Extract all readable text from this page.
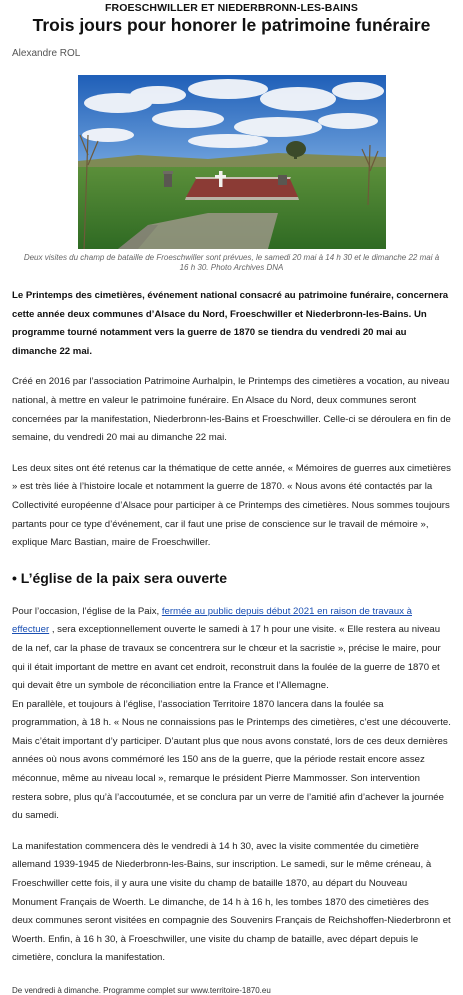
FROESCHWILLER ET NIEDERBRONN-LES-BAINS
Trois jours pour honorer le patrimoine funéraire
Alexandre ROL
Deux visites du champ de bataille de Froeschwiller sont prévues, le samedi 20 mai à 14 h 30 et le dimanche 22 mai à 16 h 30. Photo Archives DNA
Le Printemps des cimetières, événement national consacré au patrimoine funéraire, concernera cette année deux communes d’Alsace du Nord, Froeschwiller et Niederbronn-les-Bains. Un programme tourné notamment vers la guerre de 1870 se tiendra du vendredi 20 mai au dimanche 22 mai.

Créé en 2016 par l’association Patrimoine Aurhalpin, le Printemps des cimetières a vocation, au niveau national, à mettre en valeur le patrimoine funéraire. En Alsace du Nord, deux communes seront concernées par la manifestation, Niederbronn-les-Bains et Froeschwiller. Celle-ci se déroulera en fin de semaine, du vendredi 20 mai au dimanche 22 mai.

Les deux sites ont été retenus car la thématique de cette année, « Mémoires de guerres aux cimetières » est très liée à l’histoire locale et notamment la guerre de 1870. « Nous avons été contactés par la Collectivité européenne d’Alsace pour participer à ce Printemps des cimetières. Nous sommes toujours partants pour ce type d’événement, car il faut une prise de conscience sur le travail de mémoire », explique Marc Bastian, maire de Froeschwiller.

• L’église de la paix sera ouverte

Pour l’occasion, l’église de la Paix, fermée au public depuis début 2021 en raison de travaux à effectuer , sera exceptionnellement ouverte le samedi à 17 h pour une visite. « Elle restera au niveau de la nef, car la phase de travaux se concentrera sur le chœur et la sacristie », précise le maire, pour qui il était important de mettre en avant cet endroit, reconstruit dans la foulée de la guerre de 1870 et qui devait être un symbole de réconciliation entre la France et l’Allemagne.

En parallèle, et toujours à l’église, l’association Territoire 1870 lancera dans la foulée sa programmation, à 18 h. « Nous ne connaissions pas le Printemps des cimetières, c’est une découverte. Mais c’était important d’y participer. D’autant plus que nous avons constaté, lors de ces deux dernières années où nous avons commémoré les 150 ans de la guerre, que la période restait encore assez méconnue, même au niveau local », remarque le président Pierre Mammosser. Son intervention restera sobre, plus qu’à l’accoutumée, et se conclura par un verre de l’amitié afin d’achever la journée du samedi.

La manifestation commencera dès le vendredi à 14 h 30, avec la visite commentée du cimetière allemand 1939-1945 de Niederbronn-les-Bains, sur inscription. Le samedi, sur le même créneau, à Froeschwiller cette fois, il y aura une visite du champ de bataille 1870, au départ du Nouveau Monument Français de Woerth. Le dimanche, de 14 h à 16 h, les tombes 1870 des cimetières des deux communes seront visitées en compagnie des Souvenirs Français de Reichshoffen-Niederbronn et Woerth. Enfin, à 16 h 30, à Froeschwiller, une visite du champ de bataille, avec départ depuis le cimetière, conclura la manifestation.

De vendredi à dimanche. Programme complet sur www.territoire-1870.eu
